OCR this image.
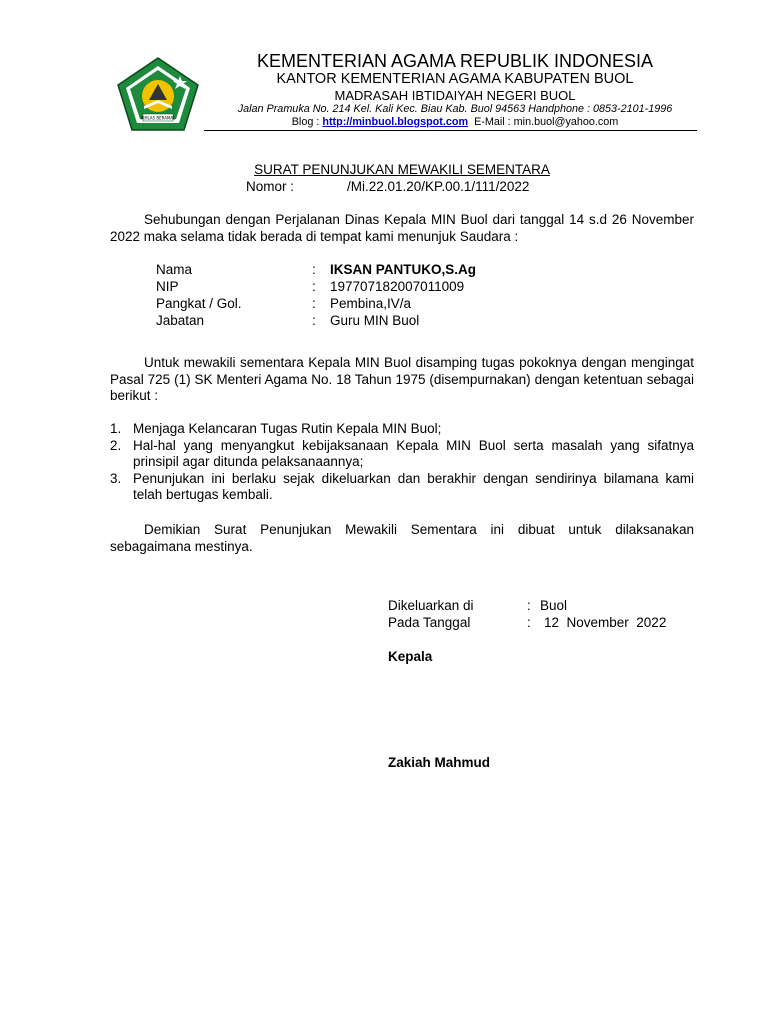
IKHLAS BERAMAL
KEMENTERIAN AGAMA REPUBLIK INDONESIA
KANTOR KEMENTERIAN AGAMA KABUPATEN BUOL
MADRASAH IBTIDAIYAH NEGERI BUOL
Jalan Pramuka No. 214 Kel. Kali Kec. Biau Kab. Buol 94563 Handphone : 0853-2101-1996
Blog : http://minbuol.blogspot.com  E-Mail : min.buol@yahoo.com
SURAT PENUNJUKAN MEWAKILI SEMENTARA
Nomor :	/Mi.22.01.20/KP.00.1/111/2022
Sehubungan dengan Perjalanan Dinas Kepala MIN Buol dari tanggal 14 s.d 26 November 2022 maka selama tidak berada di tempat kami menunjuk Saudara :
Nama	: IKSAN PANTUKO,S.Ag
NIP	: 197707182007011009
Pangkat / Gol.	: Pembina,IV/a
Jabatan	: Guru MIN Buol
Untuk mewakili sementara Kepala MIN Buol disamping tugas pokoknya dengan mengingat Pasal 725 (1) SK Menteri Agama No. 18 Tahun 1975 (disempurnakan) dengan ketentuan sebagai berikut :
1. Menjaga Kelancaran Tugas Rutin Kepala MIN Buol;
2. Hal-hal yang menyangkut kebijaksanaan Kepala MIN Buol serta masalah yang sifatnya prinsipil agar ditunda pelaksanaannya;
3. Penunjukan ini berlaku sejak dikeluarkan dan berakhir dengan sendirinya bilamana kami telah bertugas kembali.
Demikian Surat Penunjukan Mewakili Sementara ini dibuat untuk dilaksanakan sebagaimana mestinya.
Dikeluarkan di	: Buol
Pada Tanggal	: 12  November  2022
Kepala
Zakiah Mahmud
